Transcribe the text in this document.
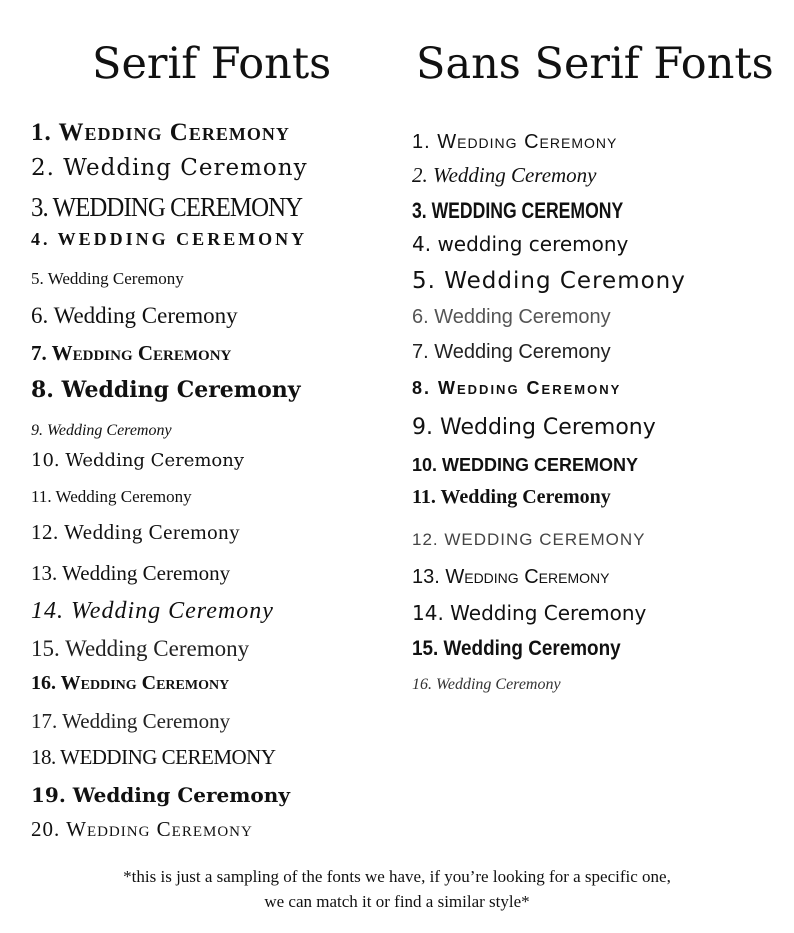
Serif Fonts Sans Serif Fonts
1. Wedding Ceremony
2. Wedding Ceremony
3. WEDDING CEREMONY
4. WEDDING CEREMONY
5. Wedding Ceremony
6. Wedding Ceremony
7. Wedding Ceremony
8. Wedding Ceremony
9. Wedding Ceremony
10. Wedding Ceremony
11. Wedding Ceremony
12. Wedding Ceremony
13. Wedding Ceremony
14. Wedding Ceremony
15. Wedding Ceremony
16. Wedding Ceremony
17. Wedding Ceremony
18. WEDDING CEREMONY
19. Wedding Ceremony
20. Wedding Ceremony
1. Wedding Ceremony
2. Wedding Ceremony
3. WEDDING CEREMONY
4. wedding ceremony
5. Wedding Ceremony
6. Wedding Ceremony
7. Wedding Ceremony
8. Wedding Ceremony
9. Wedding Ceremony
10. WEDDING CEREMONY
11. Wedding Ceremony
12. WEDDING CEREMONY
13. Wedding Ceremony
14. Wedding Ceremony
15. Wedding Ceremony
16. Wedding Ceremony
*this is just a sampling of the fonts we have, if you’re looking for a specific one,
we can match it or find a similar style*
